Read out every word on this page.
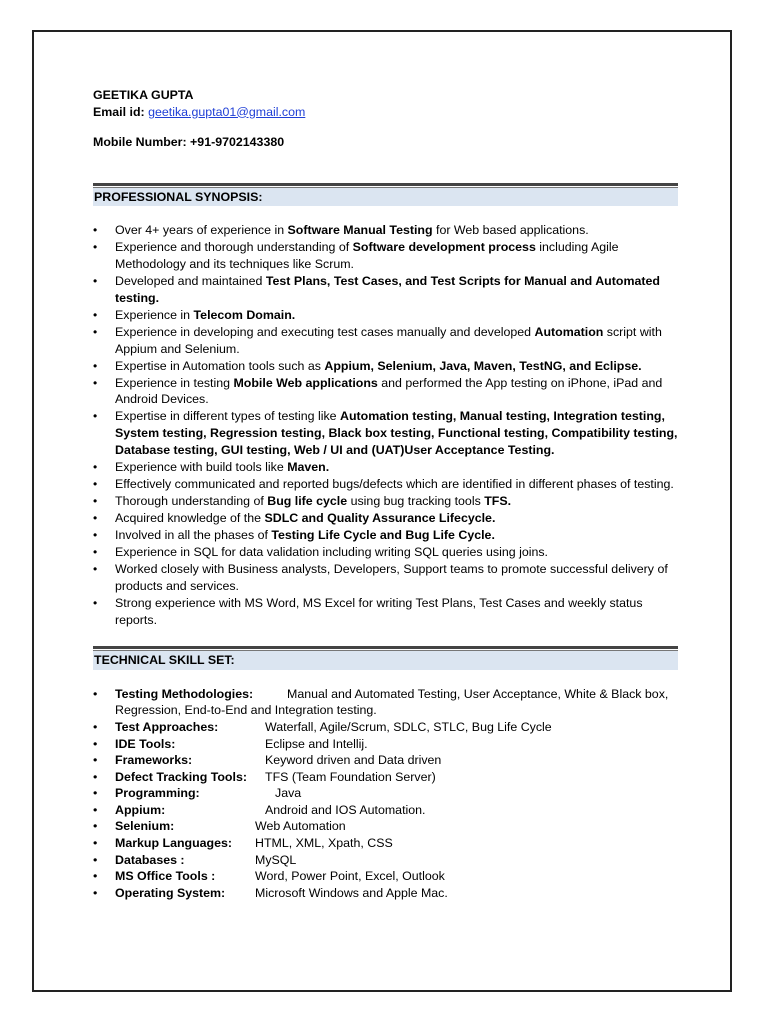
GEETIKA GUPTA
Email id: geetika.gupta01@gmail.com
Mobile Number: +91-9702143380
PROFESSIONAL SYNOPSIS:
• Over 4+ years of experience in Software Manual Testing for Web based applications.
• Experience and thorough understanding of Software development process including Agile Methodology and its techniques like Scrum.
• Developed and maintained Test Plans, Test Cases, and Test Scripts for Manual and Automated testing.
• Experience in Telecom Domain.
• Experience in developing and executing test cases manually and developed Automation script with Appium and Selenium.
• Expertise in Automation tools such as Appium, Selenium, Java, Maven, TestNG, and Eclipse.
• Experience in testing Mobile Web applications and performed the App testing on iPhone, iPad and Android Devices.
• Expertise in different types of testing like Automation testing, Manual testing, Integration testing, System testing, Regression testing, Black box testing, Functional testing, Compatibility testing, Database testing, GUI testing, Web / UI and (UAT)User Acceptance Testing.
• Experience with build tools like Maven.
• Effectively communicated and reported bugs/defects which are identified in different phases of testing.
• Thorough understanding of Bug life cycle using bug tracking tools TFS.
• Acquired knowledge of the SDLC and Quality Assurance Lifecycle.
• Involved in all the phases of Testing Life Cycle and Bug Life Cycle.
• Experience in SQL for data validation including writing SQL queries using joins.
• Worked closely with Business analysts, Developers, Support teams to promote successful delivery of products and services.
• Strong experience with MS Word, MS Excel for writing Test Plans, Test Cases and weekly status reports.
TECHNICAL SKILL SET:
• Testing Methodologies:	Manual and Automated Testing, User Acceptance, White & Black box, Regression, End-to-End and Integration testing.
• Test Approaches:	Waterfall, Agile/Scrum, SDLC, STLC, Bug Life Cycle
• IDE Tools:	Eclipse and Intellij.
• Frameworks:	Keyword driven and Data driven
• Defect Tracking Tools: TFS (Team Foundation Server)
• Programming:	Java
• Appium:	Android and IOS Automation.
• Selenium:	Web Automation
• Markup Languages: HTML, XML, Xpath, CSS
• Databases :	MySQL
• MS Office Tools :	Word, Power Point, Excel, Outlook
• Operating System: Microsoft Windows and Apple Mac.
